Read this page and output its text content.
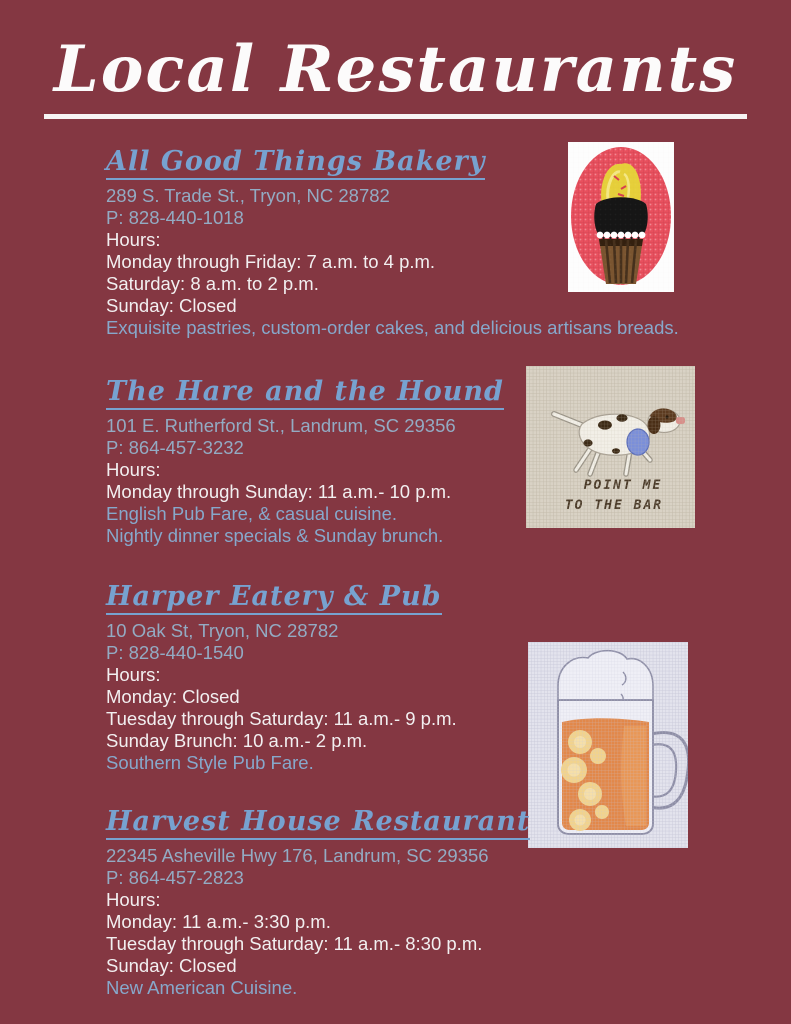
Local Restaurants
All Good Things Bakery
289 S. Trade St., Tryon, NC 28782
P: 828-440-1018
Hours:
Monday through Friday: 7 a.m. to 4 p.m.
Saturday: 8 a.m. to 2 p.m.
Sunday: Closed
Exquisite pastries, custom-order cakes, and delicious artisans breads.
The Hare and the Hound
101 E. Rutherford St., Landrum, SC 29356
P: 864-457-3232
Hours:
Monday through Sunday: 11 a.m.- 10 p.m.
English Pub Fare, & casual cuisine.
Nightly dinner specials & Sunday brunch.
POINT ME
TO THE BAR
Harper Eatery & Pub
10 Oak St, Tryon, NC 28782
P: 828-440-1540
Hours:
Monday: Closed
Tuesday through Saturday: 11 a.m.- 9 p.m.
Sunday Brunch: 10 a.m.- 2 p.m.
Southern Style Pub Fare.
Harvest House Restaurant
22345 Asheville Hwy 176, Landrum, SC 29356
P: 864-457-2823
Hours:
Monday: 11 a.m.- 3:30 p.m.
Tuesday through Saturday: 11 a.m.- 8:30 p.m.
Sunday: Closed
New American Cuisine.
